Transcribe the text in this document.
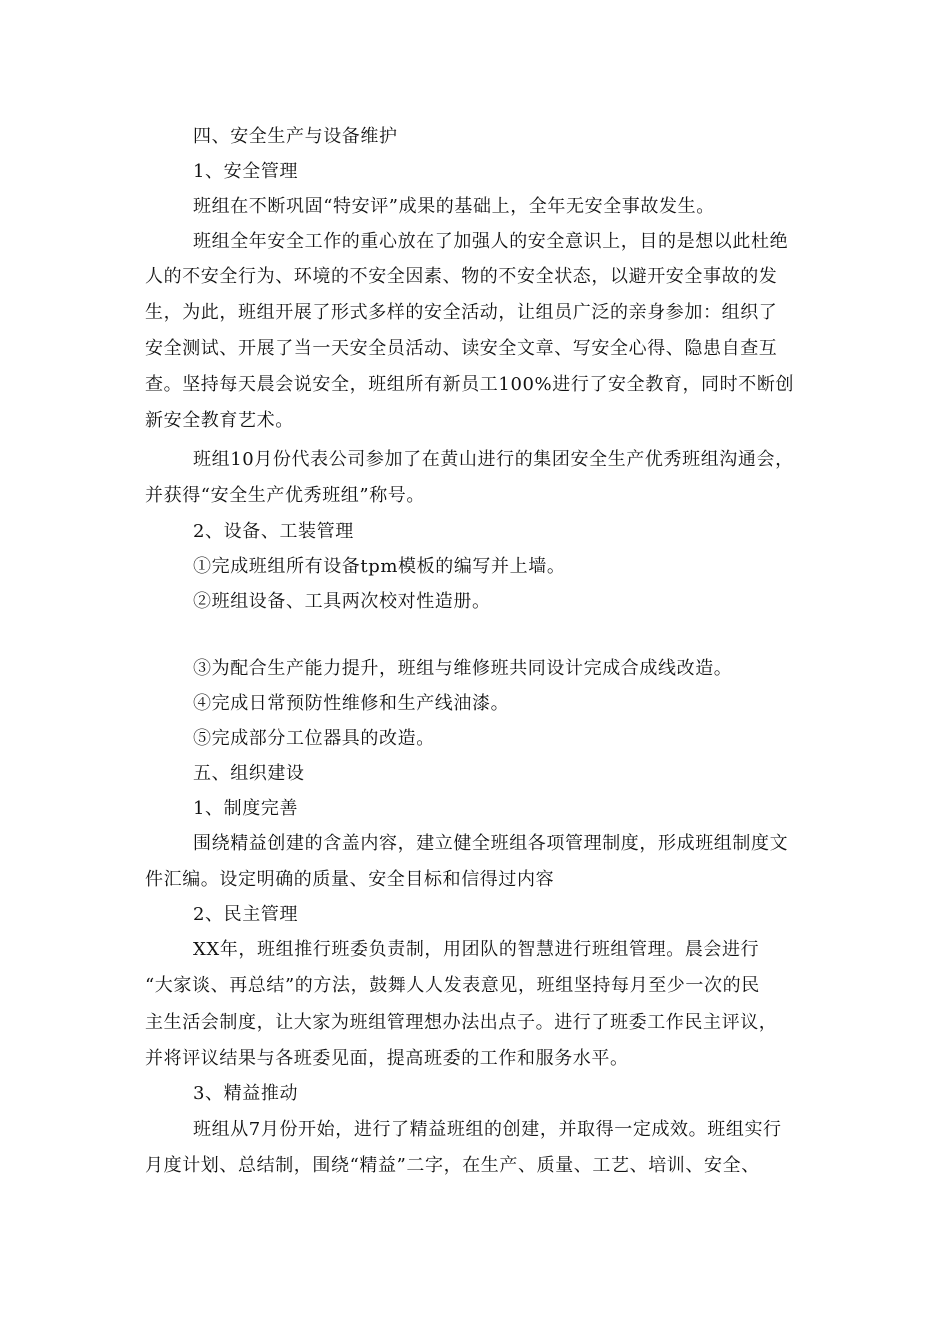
四、安全生产与设备维护
1、安全管理
班组在不断巩固“特安评”成果的基础上，全年无安全事故发生。
班组全年安全工作的重心放在了加强人的安全意识上，目的是想以此杜绝
人的不安全行为、环境的不安全因素、物的不安全状态，以避开安全事故的发
生，为此，班组开展了形式多样的安全活动，让组员广泛的亲身参加：组织了
安全测试、开展了当一天安全员活动、读安全文章、写安全心得、隐患自查互
查。坚持每天晨会说安全，班组所有新员工100%进行了安全教育，同时不断创
新安全教育艺术。
班组10月份代表公司参加了在黄山进行的集团安全生产优秀班组沟通会，
并获得“安全生产优秀班组”称号。
2、设备、工装管理
①完成班组所有设备tpm模板的编写并上墙。
②班组设备、工具两次校对性造册。
③为配合生产能力提升，班组与维修班共同设计完成合成线改造。
④完成日常预防性维修和生产线油漆。
⑤完成部分工位器具的改造。
五、组织建设
1、制度完善
围绕精益创建的含盖内容，建立健全班组各项管理制度，形成班组制度文
件汇编。设定明确的质量、安全目标和信得过内容
2、民主管理
XX年，班组推行班委负责制，用团队的智慧进行班组管理。晨会进行
“大家谈、再总结”的方法，鼓舞人人发表意见，班组坚持每月至少一次的民
主生活会制度，让大家为班组管理想办法出点子。进行了班委工作民主评议，
并将评议结果与各班委见面，提高班委的工作和服务水平。
3、精益推动
班组从7月份开始，进行了精益班组的创建，并取得一定成效。班组实行
月度计划、总结制，围绕“精益”二字，在生产、质量、工艺、培训、安全、
